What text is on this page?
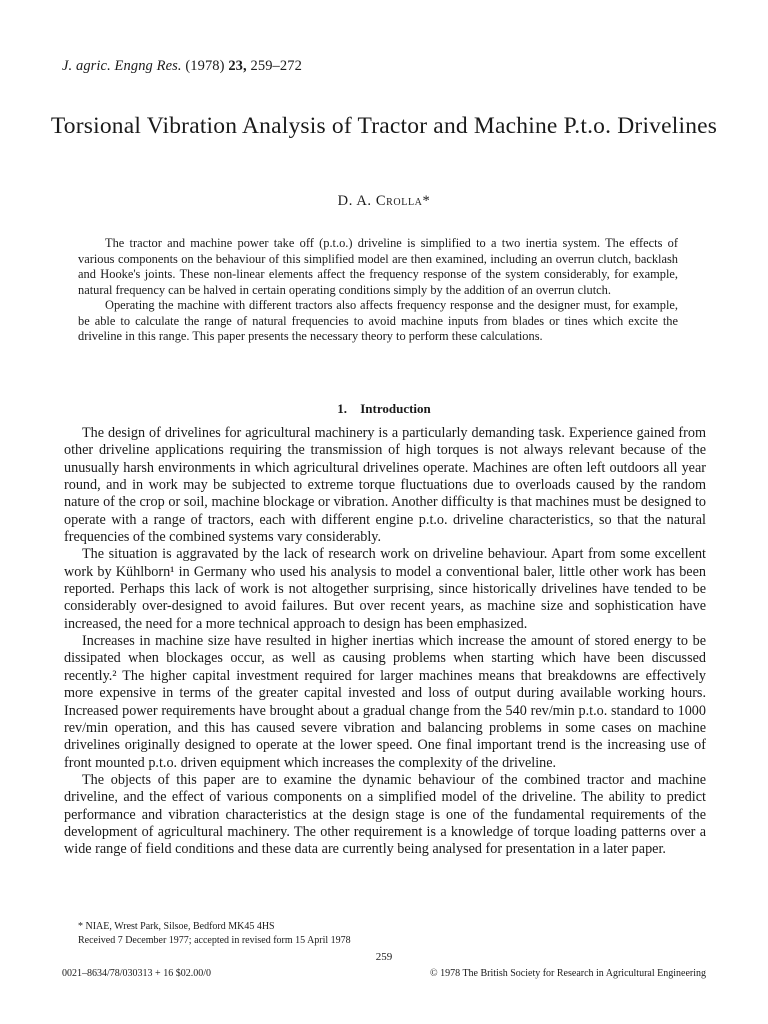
J. agric. Engng Res. (1978) 23, 259–272
Torsional Vibration Analysis of Tractor and Machine P.t.o. Drivelines
D. A. Crolla*

The tractor and machine power take off (p.t.o.) driveline is simplified to a two inertia system. The effects of various components on the behaviour of this simplified model are then examined, including an overrun clutch, backlash and Hooke's joints. These non-linear elements affect the frequency response of the system considerably, for example, natural frequency can be halved in certain operating conditions simply by the addition of an overrun clutch.

Operating the machine with different tractors also affects frequency response and the designer must, for example, be able to calculate the range of natural frequencies to avoid machine inputs from blades or tines which excite the driveline in this range. This paper presents the necessary theory to perform these calculations.

1. Introduction

The design of drivelines for agricultural machinery is a particularly demanding task. Experience gained from other driveline applications requiring the transmission of high torques is not always relevant because of the unusually harsh environments in which agricultural drivelines operate. Machines are often left outdoors all year round, and in work may be subjected to extreme torque fluctuations due to overloads caused by the random nature of the crop or soil, machine blockage or vibration. Another difficulty is that machines must be designed to operate with a range of tractors, each with different engine p.t.o. driveline characteristics, so that the natural frequencies of the combined systems vary considerably.

The situation is aggravated by the lack of research work on driveline behaviour. Apart from some excellent work by Kühlborn¹ in Germany who used his analysis to model a conventional baler, little other work has been reported. Perhaps this lack of work is not altogether surprising, since historically drivelines have tended to be considerably over-designed to avoid failures. But over recent years, as machine size and sophistication have increased, the need for a more technical approach to design has been emphasized.

Increases in machine size have resulted in higher inertias which increase the amount of stored energy to be dissipated when blockages occur, as well as causing problems when starting which have been discussed recently.² The higher capital investment required for larger machines means that breakdowns are effectively more expensive in terms of the greater capital invested and loss of output during available working hours. Increased power requirements have brought about a gradual change from the 540 rev/min p.t.o. standard to 1000 rev/min operation, and this has caused severe vibration and balancing problems in some cases on machine drivelines originally designed to operate at the lower speed. One final important trend is the increasing use of front mounted p.t.o. driven equipment which increases the complexity of the driveline.

The objects of this paper are to examine the dynamic behaviour of the combined tractor and machine driveline, and the effect of various components on a simplified model of the driveline. The ability to predict performance and vibration characteristics at the design stage is one of the fundamental requirements of the development of agricultural machinery. The other requirement is a knowledge of torque loading patterns over a wide range of field conditions and these data are currently being analysed for presentation in a later paper.

* NIAE, Wrest Park, Silsoe, Bedford MK45 4HS
Received 7 December 1977; accepted in revised form 15 April 1978
259
0021–8634/78/030313 + 16 $02.00/0	© 1978 The British Society for Research in Agricultural Engineering
